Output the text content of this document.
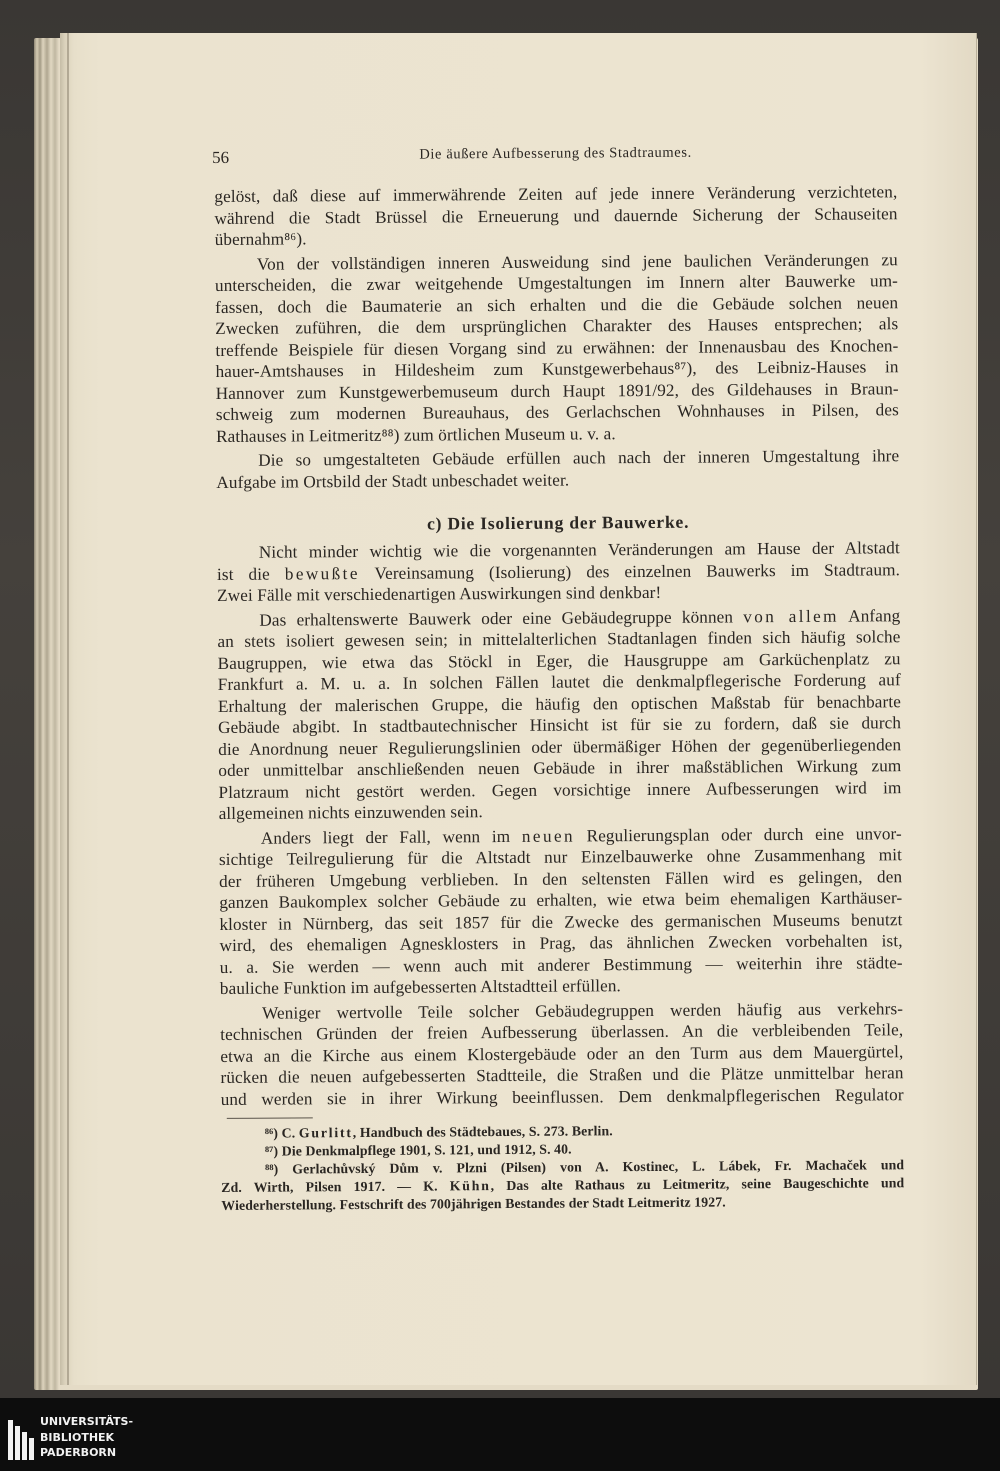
56	Die äußere Aufbesserung des Stadtraumes.
gelöst, daß diese auf immerwährende Zeiten auf jede innere Veränderung verzichteten,
während die Stadt Brüssel die Erneuerung und dauernde Sicherung der Schauseiten
übernahm⁸⁶).
Von der vollständigen inneren Ausweidung sind jene baulichen Veränderungen zu
unterscheiden, die zwar weitgehende Umgestaltungen im Innern alter Bauwerke um-
fassen, doch die Baumaterie an sich erhalten und die die Gebäude solchen neuen
Zwecken zuführen, die dem ursprünglichen Charakter des Hauses entsprechen; als
treffende Beispiele für diesen Vorgang sind zu erwähnen: der Innenausbau des Knochen-
hauer-Amtshauses in Hildesheim zum Kunstgewerbehaus⁸⁷), des Leibniz-Hauses in
Hannover zum Kunstgewerbemuseum durch Haupt 1891/92, des Gildehauses in Braun-
schweig zum modernen Bureauhaus, des Gerlachschen Wohnhauses in Pilsen, des
Rathauses in Leitmeritz⁸⁸) zum örtlichen Museum u. v. a.
Die so umgestalteten Gebäude erfüllen auch nach der inneren Umgestaltung ihre
Aufgabe im Ortsbild der Stadt unbeschadet weiter.
c) Die Isolierung der Bauwerke.
Nicht minder wichtig wie die vorgenannten Veränderungen am Hause der Altstadt
ist die bewußte Vereinsamung (Isolierung) des einzelnen Bauwerks im Stadtraum.
Zwei Fälle mit verschiedenartigen Auswirkungen sind denkbar!
Das erhaltenswerte Bauwerk oder eine Gebäudegruppe können von allem Anfang
an stets isoliert gewesen sein; in mittelalterlichen Stadtanlagen finden sich häufig solche
Baugruppen, wie etwa das Stöckl in Eger, die Hausgruppe am Garküchenplatz zu
Frankfurt a. M. u. a. In solchen Fällen lautet die denkmalpflegerische Forderung auf
Erhaltung der malerischen Gruppe, die häufig den optischen Maßstab für benachbarte
Gebäude abgibt. In stadtbautechnischer Hinsicht ist für sie zu fordern, daß sie durch
die Anordnung neuer Regulierungslinien oder übermäßiger Höhen der gegenüberliegenden
oder unmittelbar anschließenden neuen Gebäude in ihrer maßstäblichen Wirkung zum
Platzraum nicht gestört werden. Gegen vorsichtige innere Aufbesserungen wird im
allgemeinen nichts einzuwenden sein.
Anders liegt der Fall, wenn im neuen Regulierungsplan oder durch eine unvor-
sichtige Teilregulierung für die Altstadt nur Einzelbauwerke ohne Zusammenhang mit
der früheren Umgebung verblieben. In den seltensten Fällen wird es gelingen, den
ganzen Baukomplex solcher Gebäude zu erhalten, wie etwa beim ehemaligen Karthäuser-
kloster in Nürnberg, das seit 1857 für die Zwecke des germanischen Museums benutzt
wird, des ehemaligen Agnesklosters in Prag, das ähnlichen Zwecken vorbehalten ist,
u. a. Sie werden — wenn auch mit anderer Bestimmung — weiterhin ihre städte-
bauliche Funktion im aufgebesserten Altstadtteil erfüllen.
Weniger wertvolle Teile solcher Gebäudegruppen werden häufig aus verkehrs-
technischen Gründen der freien Aufbesserung überlassen. An die verbleibenden Teile,
etwa an die Kirche aus einem Klostergebäude oder an den Turm aus dem Mauergürtel,
rücken die neuen aufgebesserten Stadtteile, die Straßen und die Plätze unmittelbar heran
und werden sie in ihrer Wirkung beeinflussen. Dem denkmalpflegerischen Regulator
⁸⁶) C. Gurlitt, Handbuch des Städtebaues, S. 273. Berlin.
⁸⁷) Die Denkmalpflege 1901, S. 121, und 1912, S. 40.
⁸⁸) Gerlachůvský Dům v. Plzni (Pilsen) von A. Kostinec, L. Lábek, Fr. Machaček und
Zd. Wirth, Pilsen 1917. — K. Kühn, Das alte Rathaus zu Leitmeritz, seine Baugeschichte und
Wiederherstellung. Festschrift des 700jährigen Bestandes der Stadt Leitmeritz 1927.
UNIVERSITÄTS-
BIBLIOTHEK
PADERBORN
